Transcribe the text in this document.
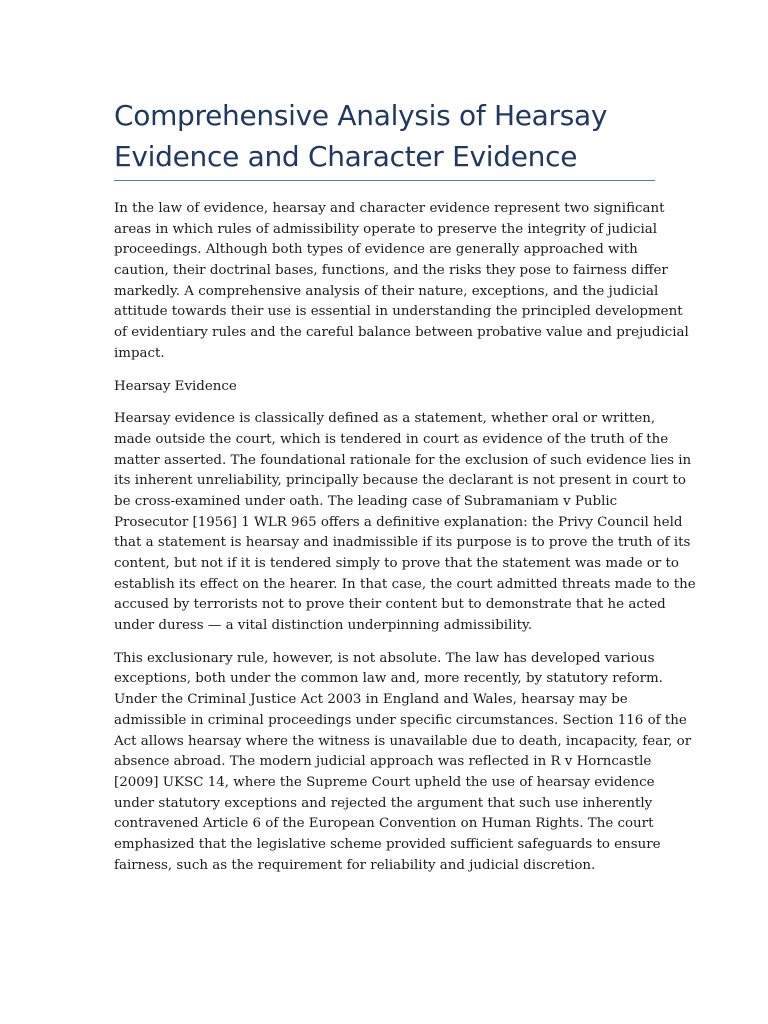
Comprehensive Analysis of Hearsay
Evidence and Character Evidence
In the law of evidence, hearsay and character evidence represent two significant
areas in which rules of admissibility operate to preserve the integrity of judicial
proceedings. Although both types of evidence are generally approached with
caution, their doctrinal bases, functions, and the risks they pose to fairness differ
markedly. A comprehensive analysis of their nature, exceptions, and the judicial
attitude towards their use is essential in understanding the principled development
of evidentiary rules and the careful balance between probative value and prejudicial
impact.
Hearsay Evidence
Hearsay evidence is classically defined as a statement, whether oral or written,
made outside the court, which is tendered in court as evidence of the truth of the
matter asserted. The foundational rationale for the exclusion of such evidence lies in
its inherent unreliability, principally because the declarant is not present in court to
be cross-examined under oath. The leading case of Subramaniam v Public
Prosecutor [1956] 1 WLR 965 offers a definitive explanation: the Privy Council held
that a statement is hearsay and inadmissible if its purpose is to prove the truth of its
content, but not if it is tendered simply to prove that the statement was made or to
establish its effect on the hearer. In that case, the court admitted threats made to the
accused by terrorists not to prove their content but to demonstrate that he acted
under duress — a vital distinction underpinning admissibility.
This exclusionary rule, however, is not absolute. The law has developed various
exceptions, both under the common law and, more recently, by statutory reform.
Under the Criminal Justice Act 2003 in England and Wales, hearsay may be
admissible in criminal proceedings under specific circumstances. Section 116 of the
Act allows hearsay where the witness is unavailable due to death, incapacity, fear, or
absence abroad. The modern judicial approach was reflected in R v Horncastle
[2009] UKSC 14, where the Supreme Court upheld the use of hearsay evidence
under statutory exceptions and rejected the argument that such use inherently
contravened Article 6 of the European Convention on Human Rights. The court
emphasized that the legislative scheme provided sufficient safeguards to ensure
fairness, such as the requirement for reliability and judicial discretion.
